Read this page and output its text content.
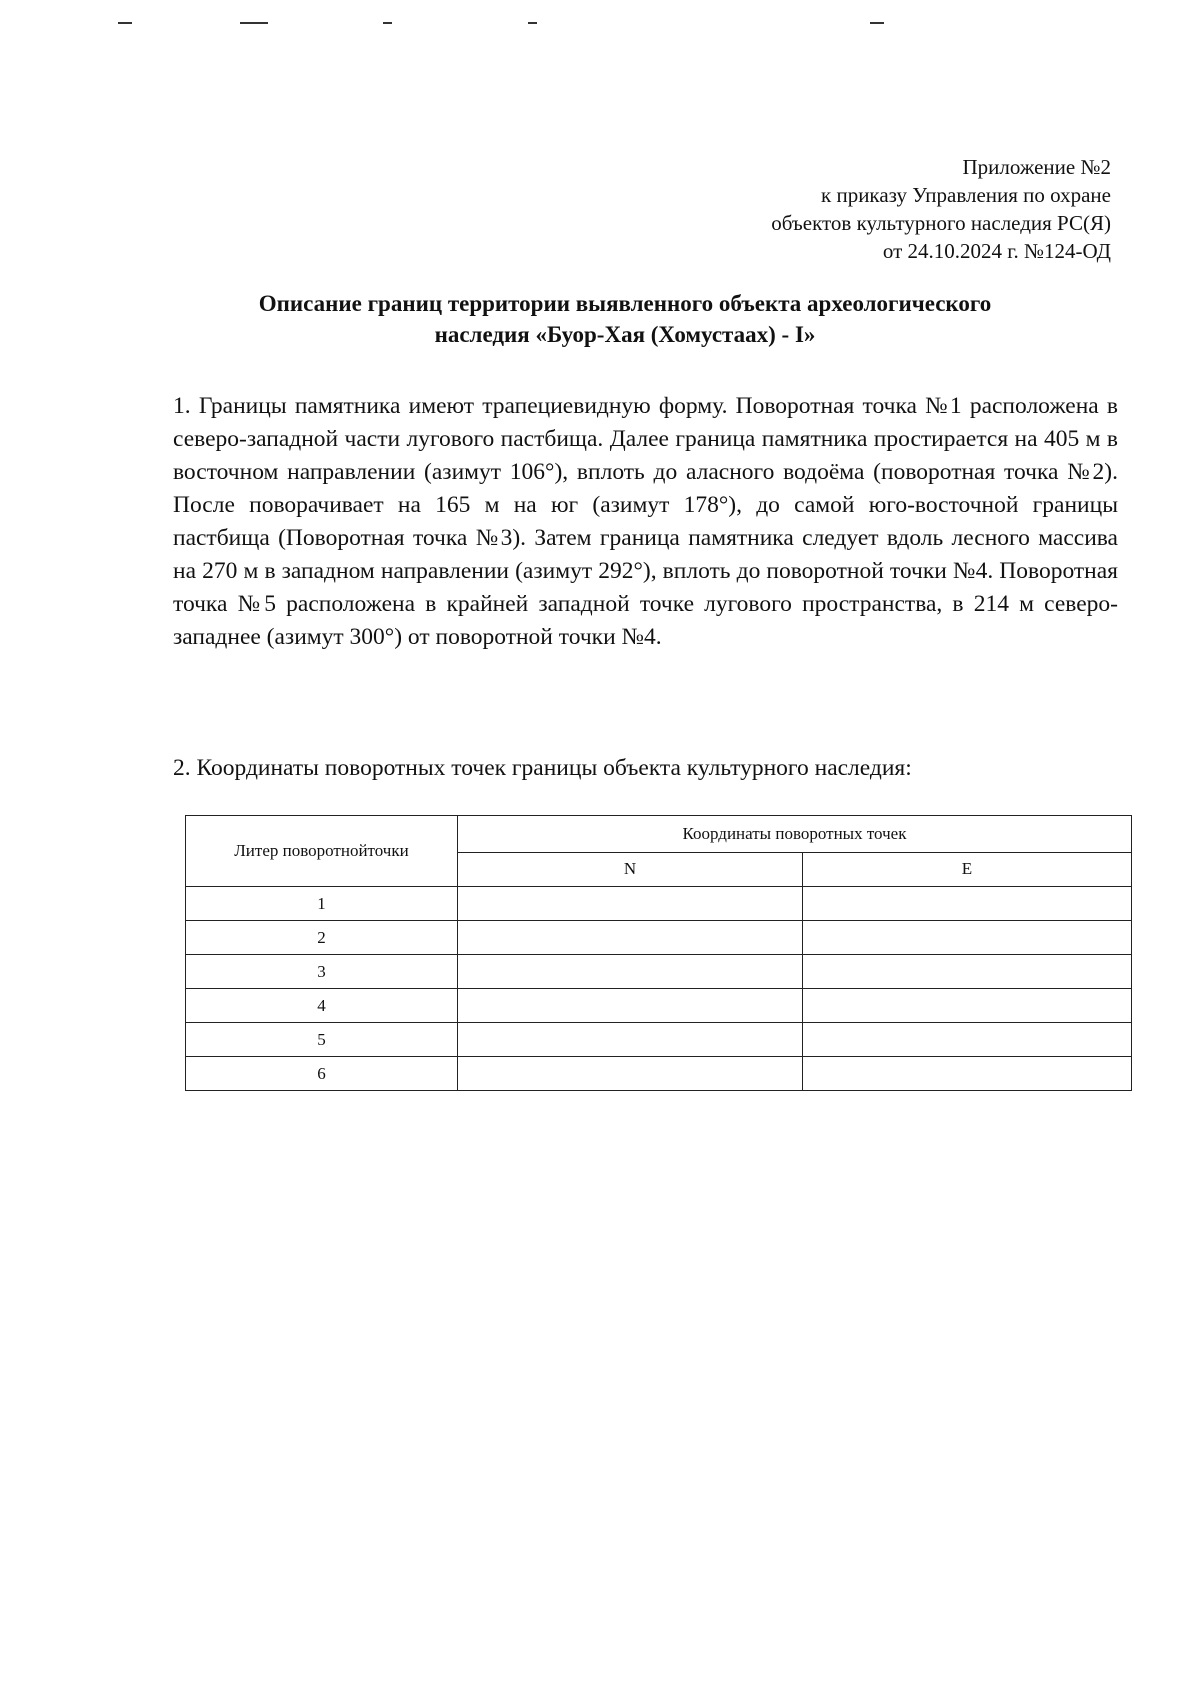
Приложение №2
к приказу Управления по охране
объектов культурного наследия РС(Я)
от 24.10.2024 г. №124-ОД
Описание границ территории выявленного объекта археологического
наследия «Буор-Хая (Хомустаах) - I»
1. Границы памятника имеют трапециевидную форму. Поворотная точка №1 расположена в северо-западной части лугового пастбища. Далее граница памятника простирается на 405 м в восточном направлении (азимут 106°), вплоть до аласного водоёма (поворотная точка №2). После поворачивает на 165 м на юг (азимут 178°), до самой юго-восточной границы пастбища (Поворотная точка №3). Затем граница памятника следует вдоль лесного массива на 270 м в западном направлении (азимут 292°), вплоть до поворотной точки №4. Поворотная точка №5 расположена в крайней западной точке лугового пространства, в 214 м северо-западнее (азимут 300°) от поворотной точки №4.
2. Координаты поворотных точек границы объекта культурного наследия:
Литер поворотнойточки	Координаты поворотных точек	
	N	E
1		
2		
3		
4		
5		
6		
